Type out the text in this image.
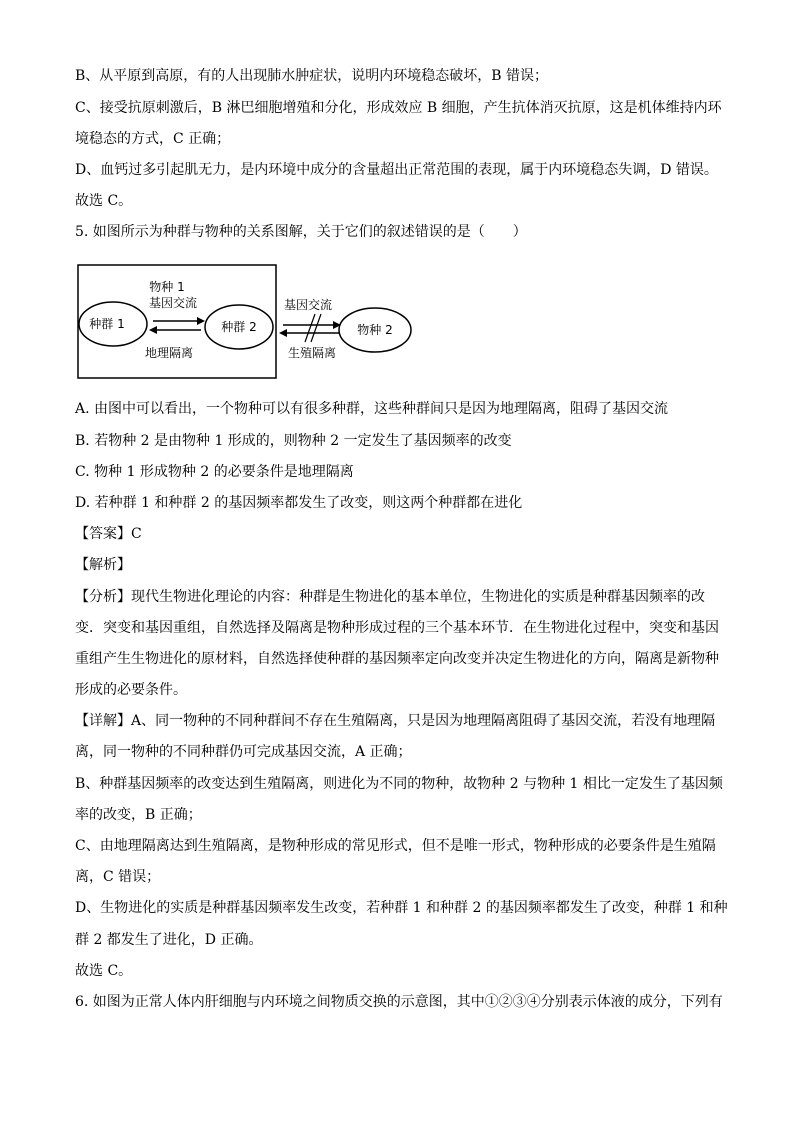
B、从平原到高原，有的人出现肺水肿症状，说明内环境稳态破坏，B 错误；
C、接受抗原刺激后，B 淋巴细胞增殖和分化，形成效应 B 细胞，产生抗体消灭抗原，这是机体维持内环
境稳态的方式，C 正确；
D、血钙过多引起肌无力，是内环境中成分的含量超出正常范围的表现，属于内环境稳态失调，D 错误。
故选 C。
5. 如图所示为种群与物种的关系图解，关于它们的叙述错误的是（　　）
物种 1
基因交流
种群 1	种群 2
地理隔离
基因交流
生殖隔离
物种 2
A. 由图中可以看出，一个物种可以有很多种群，这些种群间只是因为地理隔离，阻碍了基因交流
B. 若物种 2 是由物种 1 形成的，则物种 2 一定发生了基因频率的改变
C. 物种 1 形成物种 2 的必要条件是地理隔离
D. 若种群 1 和种群 2 的基因频率都发生了改变，则这两个种群都在进化
【答案】C
【解析】
【分析】现代生物进化理论的内容：种群是生物进化的基本单位，生物进化的实质是种群基因频率的改
变．突变和基因重组，自然选择及隔离是物种形成过程的三个基本环节．在生物进化过程中，突变和基因
重组产生生物进化的原材料，自然选择使种群的基因频率定向改变并决定生物进化的方向，隔离是新物种
形成的必要条件。
【详解】A、同一物种的不同种群间不存在生殖隔离，只是因为地理隔离阻碍了基因交流，若没有地理隔
离，同一物种的不同种群仍可完成基因交流，A 正确；
B、种群基因频率的改变达到生殖隔离，则进化为不同的物种，故物种 2 与物种 1 相比一定发生了基因频
率的改变，B 正确；
C、由地理隔离达到生殖隔离，是物种形成的常见形式，但不是唯一形式，物种形成的必要条件是生殖隔
离，C 错误；
D、生物进化的实质是种群基因频率发生改变，若种群 1 和种群 2 的基因频率都发生了改变，种群 1 和种
群 2 都发生了进化，D 正确。
故选 C。
6. 如图为正常人体内肝细胞与内环境之间物质交换的示意图，其中①②③④分别表示体液的成分，下列有
